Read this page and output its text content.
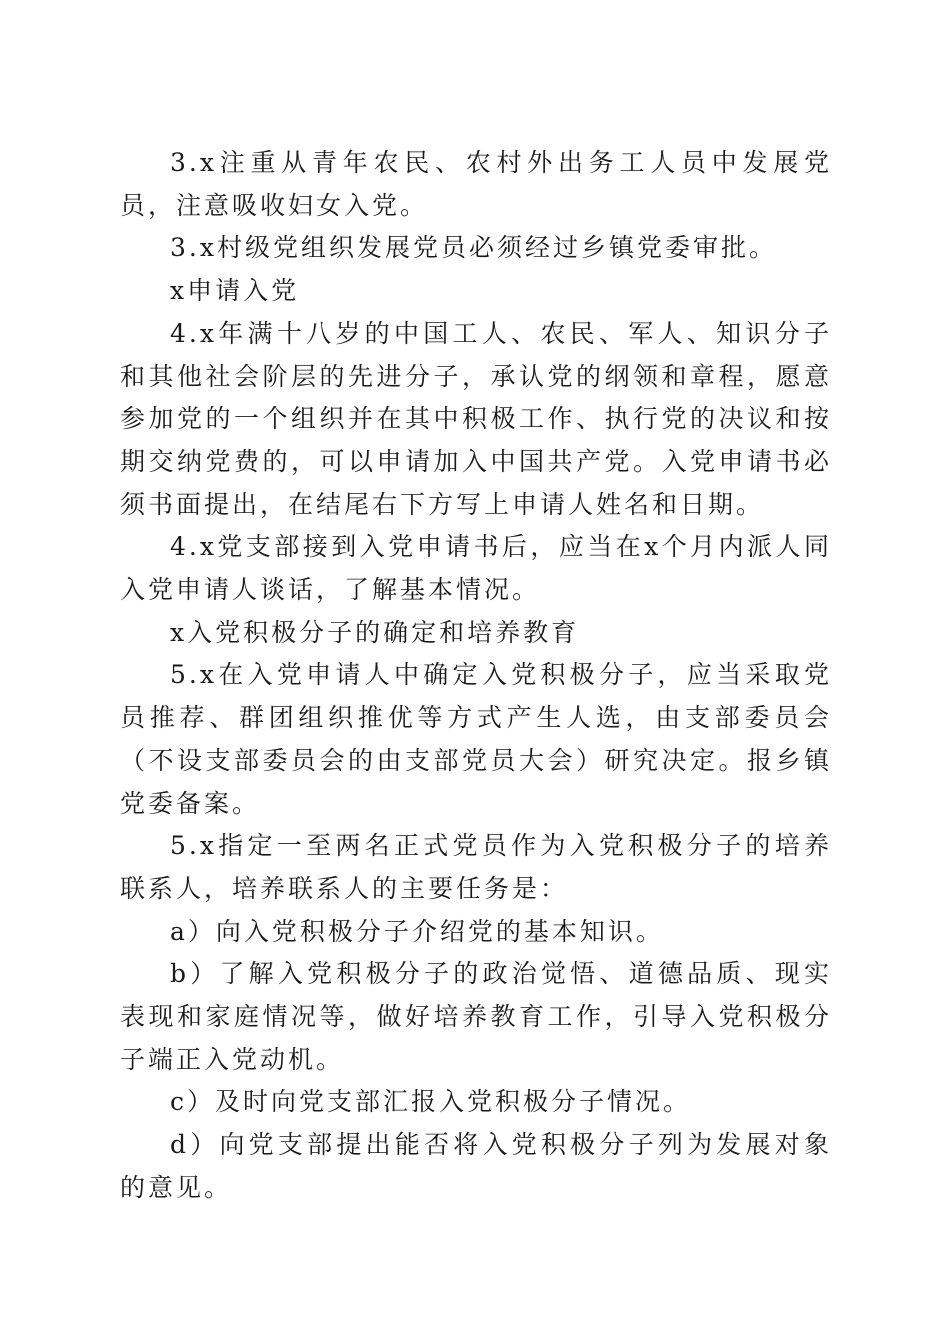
3.x注重从青年农民、农村外出务工人员中发展党员，注意吸收妇女入党。

3.x村级党组织发展党员必须经过乡镇党委审批。

x申请入党

4.x年满十八岁的中国工人、农民、军人、知识分子和其他社会阶层的先进分子，承认党的纲领和章程，愿意参加党的一个组织并在其中积极工作、执行党的决议和按期交纳党费的，可以申请加入中国共产党。入党申请书必须书面提出，在结尾右下方写上申请人姓名和日期。

4.x党支部接到入党申请书后，应当在x个月内派人同入党申请人谈话，了解基本情况。

x入党积极分子的确定和培养教育

5.x在入党申请人中确定入党积极分子，应当采取党员推荐、群团组织推优等方式产生人选，由支部委员会（不设支部委员会的由支部党员大会）研究决定。报乡镇党委备案。

5.x指定一至两名正式党员作为入党积极分子的培养联系人，培养联系人的主要任务是：

a）向入党积极分子介绍党的基本知识。

b）了解入党积极分子的政治觉悟、道德品质、现实表现和家庭情况等，做好培养教育工作，引导入党积极分子端正入党动机。

c）及时向党支部汇报入党积极分子情况。

d）向党支部提出能否将入党积极分子列为发展对象的意见。
